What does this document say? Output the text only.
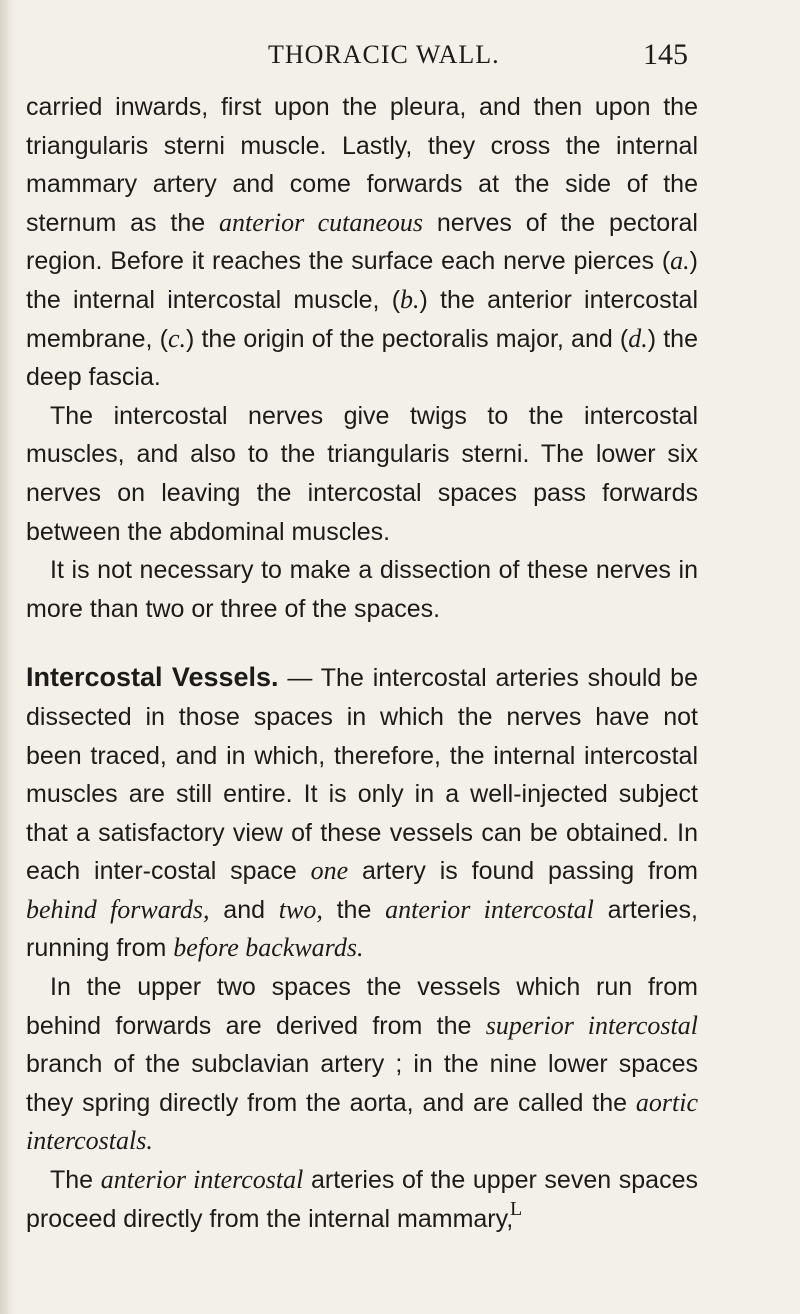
THORACIC WALL.	145

carried inwards, first upon the pleura, and then upon the triangularis sterni muscle. Lastly, they cross the internal mammary artery and come forwards at the side of the sternum as the anterior cutaneous nerves of the pectoral region. Before it reaches the surface each nerve pierces (a.) the internal intercostal muscle, (b.) the anterior intercostal membrane, (c.) the origin of the pectoralis major, and (d.) the deep fascia.

The intercostal nerves give twigs to the intercostal muscles, and also to the triangularis sterni. The lower six nerves on leaving the intercostal spaces pass forwards between the abdominal muscles.

It is not necessary to make a dissection of these nerves in more than two or three of the spaces.

Intercostal Vessels. — The intercostal arteries should be dissected in those spaces in which the nerves have not been traced, and in which, therefore, the internal intercostal muscles are still entire. It is only in a well-injected subject that a satisfactory view of these vessels can be obtained. In each inter-costal space one artery is found passing from behind forwards, and two, the anterior intercostal arteries, running from before backwards.

In the upper two spaces the vessels which run from behind forwards are derived from the superior intercostal branch of the subclavian artery ; in the nine lower spaces they spring directly from the aorta, and are called the aortic intercostals.

The anterior intercostal arteries of the upper seven spaces proceed directly from the internal mammary,

L
